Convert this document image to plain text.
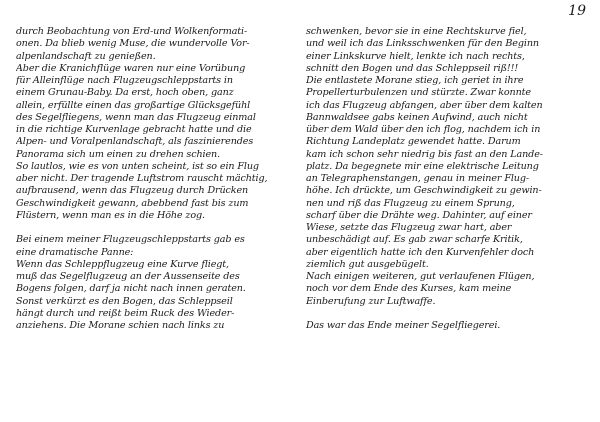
19
durch Beobachtung von Erd-und Wolkenformati-
onen. Da blieb wenig Muse, die wundervolle Vor-
alpenlandschaft zu genießen.
Aber die Kranichflüge waren nur eine Vorübung
für Alleinflüge nach Flugzeugschleppstarts in
einem Grunau-Baby. Da erst, hoch oben, ganz
allein, erfüllte einen das großartige Glücksgefühl
des Segelfliegens, wenn man das Flugzeug einmal
in die richtige Kurvenlage gebracht hatte und die
Alpen- und Voralpenlandschaft, als faszinierendes
Panorama sich um einen zu drehen schien.
So lautlos, wie es von unten scheint, ist so ein Flug
aber nicht. Der tragende Luftstrom rauscht mächtig,
aufbrausend, wenn das Flugzeug durch Drücken
Geschwindigkeit gewann, abebbend fast bis zum
Flüstern, wenn man es in die Höhe zog.
Bei einem meiner Flugzeugschleppstarts gab es
eine dramatische Panne:
Wenn das Schleppflugzeug eine Kurve fliegt,
muß das Segelflugzeug an der Aussenseite des
Bogens folgen, darf ja nicht nach innen geraten.
Sonst verkürzt es den Bogen, das Schleppseil
hängt durch und reißt beim Ruck des Wieder-
anziehens. Die Morane schien nach links zu
schwenken, bevor sie in eine Rechtskurve fiel,
und weil ich das Linksschwenken für den Beginn
einer Linkskurve hielt, lenkte ich nach rechts,
schnitt den Bogen und das Schleppseil riß!!!
Die entlastete Morane stieg, ich geriet in ihre
Propellerturbulenzen und stürzte. Zwar konnte
ich das Flugzeug abfangen, aber über dem kalten
Bannwaldsee gabs keinen Aufwind, auch nicht
über dem Wald über den ich flog, nachdem ich in
Richtung Landeplatz gewendet hatte. Darum
kam ich schon sehr niedrig bis fast an den Lande-
platz. Da begegnete mir eine elektrische Leitung
an Telegraphenstangen, genau in meiner Flug-
höhe. Ich drückte, um Geschwindigkeit zu gewin-
nen und riß das Flugzeug zu einem Sprung,
scharf über die Drähte weg. Dahinter, auf einer
Wiese, setzte das Flugzeug zwar hart, aber
unbeschädigt auf. Es gab zwar scharfe Kritik,
aber eigentlich hatte ich den Kurvenfehler doch
ziemlich gut ausgebügelt.
Nach einigen weiteren, gut verlaufenen Flügen,
noch vor dem Ende des Kurses, kam meine
Einberufung zur Luftwaffe.
Das war das Ende meiner Segelfliegerei.
